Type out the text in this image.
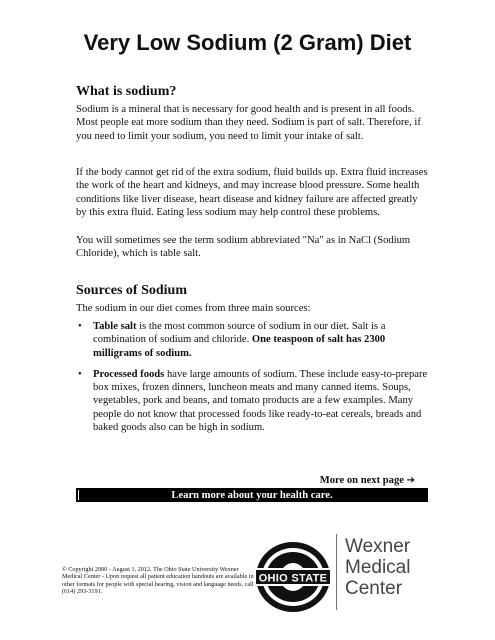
Very Low Sodium (2 Gram) Diet
What is sodium?

Sodium is a mineral that is necessary for good health and is present in all foods. Most people eat more sodium than they need. Sodium is part of salt. Therefore, if you need to limit your sodium, you need to limit your intake of salt.

If the body cannot get rid of the extra sodium, fluid builds up. Extra fluid increases the work of the heart and kidneys, and may increase blood pressure. Some health conditions like liver disease, heart disease and kidney failure are affected greatly by this extra fluid. Eating less sodium may help control these problems.

You will sometimes see the term sodium abbreviated "Na" as in NaCl (Sodium Chloride), which is table salt.

Sources of Sodium

The sodium in our diet comes from three main sources:

• Table salt is the most common source of sodium in our diet. Salt is a combination of sodium and chloride. One teaspoon of salt has 2300 milligrams of sodium.
• Processed foods have large amounts of sodium. These include easy-to-prepare box mixes, frozen dinners, luncheon meats and many canned items. Soups, vegetables, pork and beans, and tomato products are a few examples. Many people do not know that processed foods like ready-to-eat cereals, breads and baked goods also can be high in sodium.

More on next page ➔

Learn more about your health care.

© Copyright 2000 - August 1, 2012. The Ohio State University Wexner Medical Center - Upon request all patient education handouts are available in other formats for people with special hearing, vision and language needs, call (614) 293-3191.

OHIO STATE
Wexner
Medical
Center
